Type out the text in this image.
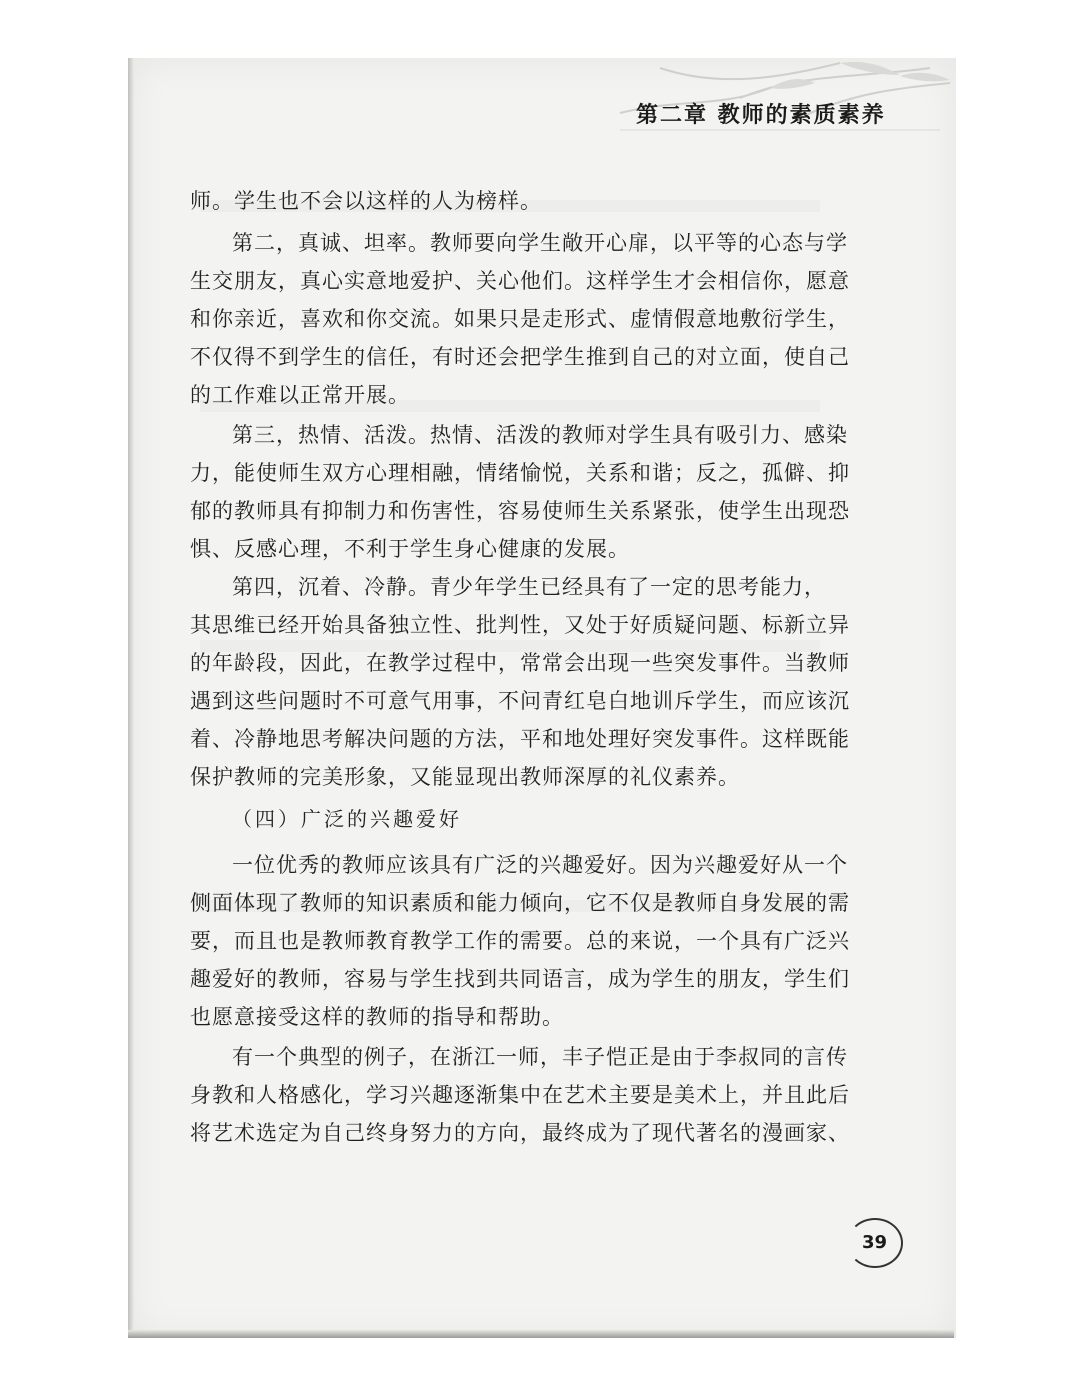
第二章 教师的素质素养
师。学生也不会以这样的人为榜样。
第二，真诚、坦率。教师要向学生敞开心扉，以平等的心态与学
生交朋友，真心实意地爱护、关心他们。这样学生才会相信你，愿意
和你亲近，喜欢和你交流。如果只是走形式、虚情假意地敷衍学生，
不仅得不到学生的信任，有时还会把学生推到自己的对立面，使自己
的工作难以正常开展。
第三，热情、活泼。热情、活泼的教师对学生具有吸引力、感染
力，能使师生双方心理相融，情绪愉悦，关系和谐；反之，孤僻、抑
郁的教师具有抑制力和伤害性，容易使师生关系紧张，使学生出现恐
惧、反感心理，不利于学生身心健康的发展。
第四，沉着、冷静。青少年学生已经具有了一定的思考能力，
其思维已经开始具备独立性、批判性，又处于好质疑问题、标新立异
的年龄段，因此，在教学过程中，常常会出现一些突发事件。当教师
遇到这些问题时不可意气用事，不问青红皂白地训斥学生，而应该沉
着、冷静地思考解决问题的方法，平和地处理好突发事件。这样既能
保护教师的完美形象，又能显现出教师深厚的礼仪素养。
（四）广泛的兴趣爱好
一位优秀的教师应该具有广泛的兴趣爱好。因为兴趣爱好从一个
侧面体现了教师的知识素质和能力倾向，它不仅是教师自身发展的需
要，而且也是教师教育教学工作的需要。总的来说，一个具有广泛兴
趣爱好的教师，容易与学生找到共同语言，成为学生的朋友，学生们
也愿意接受这样的教师的指导和帮助。
有一个典型的例子，在浙江一师，丰子恺正是由于李叔同的言传
身教和人格感化，学习兴趣逐渐集中在艺术主要是美术上，并且此后
将艺术选定为自己终身努力的方向，最终成为了现代著名的漫画家、
39
